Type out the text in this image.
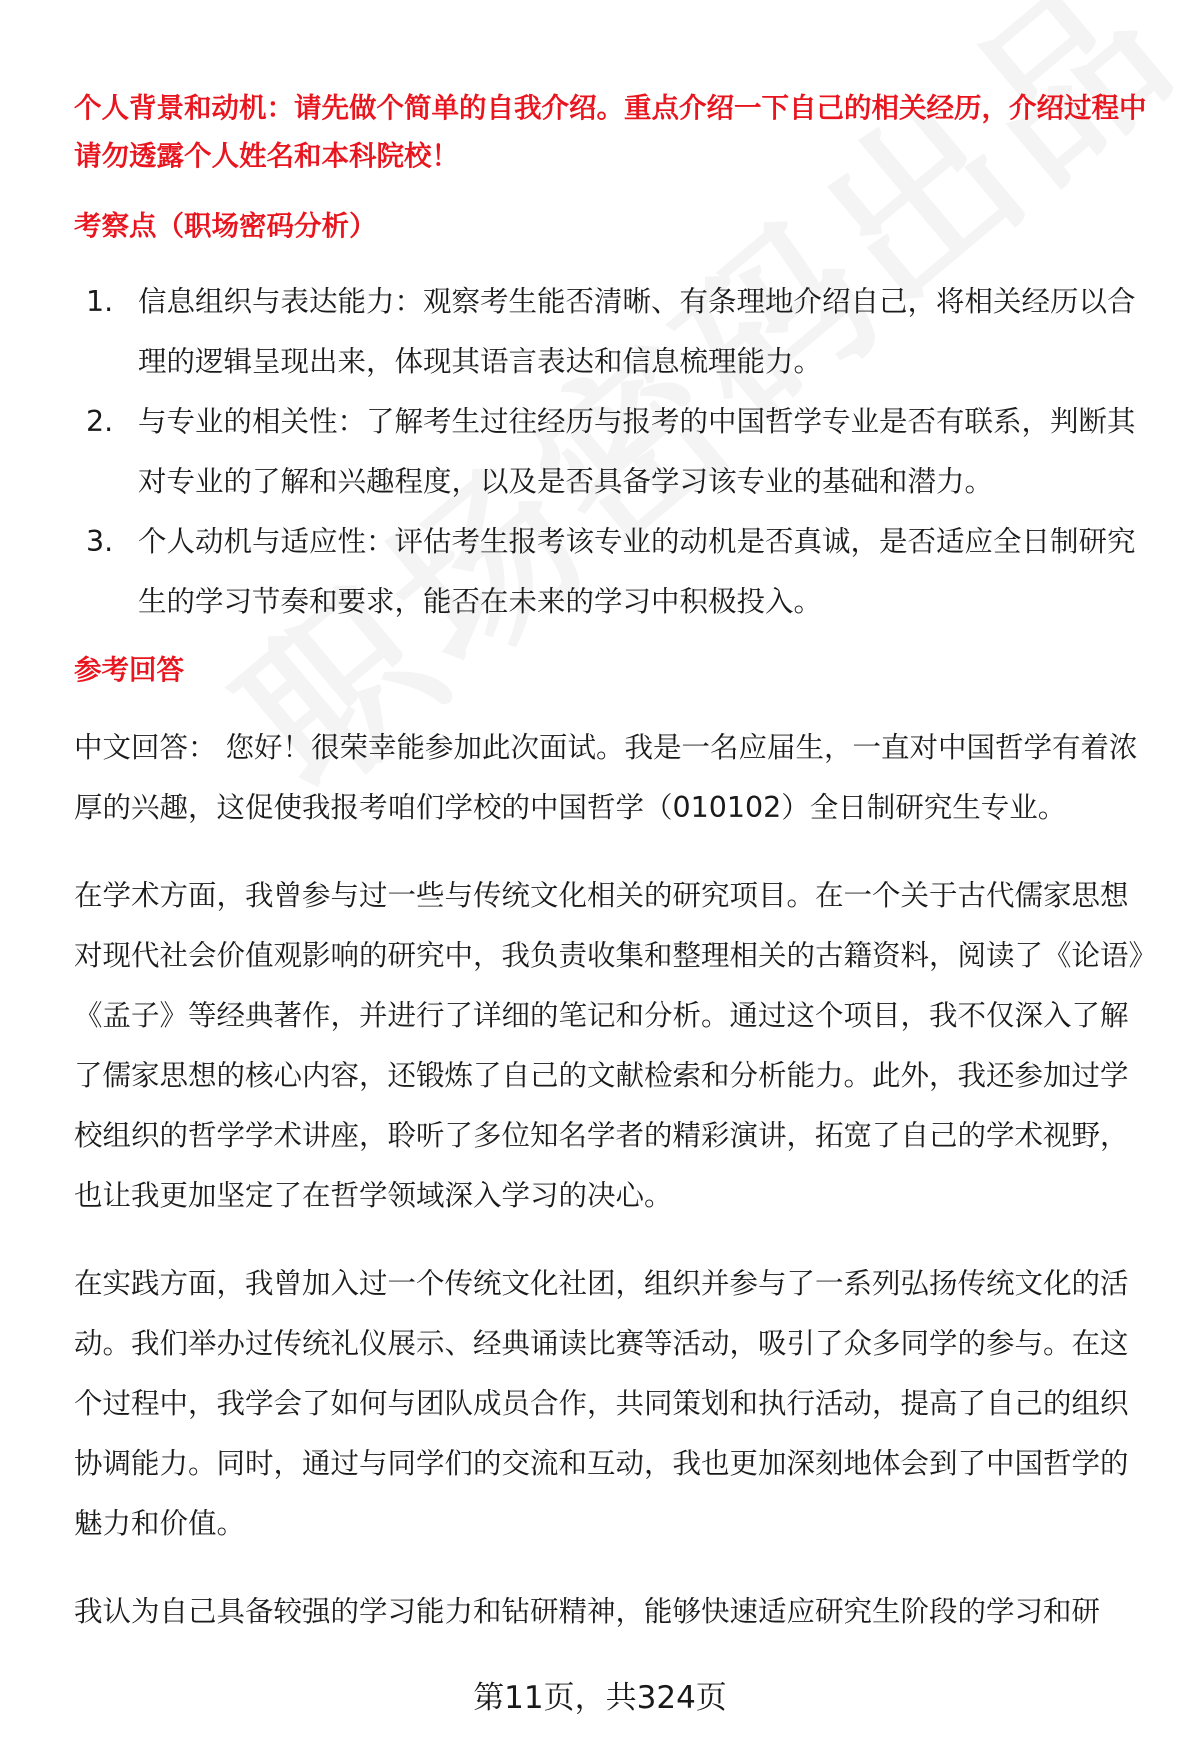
个人背景和动机：请先做个简单的自我介绍。重点介绍一下自己的相关经历，介绍过程中请勿透露个人姓名和本科院校！

考察点（职场密码分析）

1. 信息组织与表达能力：观察考生能否清晰、有条理地介绍自己，将相关经历以合理的逻辑呈现出来，体现其语言表达和信息梳理能力。
2. 与专业的相关性：了解考生过往经历与报考的中国哲学专业是否有联系，判断其对专业的了解和兴趣程度，以及是否具备学习该专业的基础和潜力。
3. 个人动机与适应性：评估考生报考该专业的动机是否真诚，是否适应全日制研究生的学习节奏和要求，能否在未来的学习中积极投入。

参考回答

中文回答： 您好！很荣幸能参加此次面试。我是一名应届生，一直对中国哲学有着浓厚的兴趣，这促使我报考咱们学校的中国哲学（010102）全日制研究生专业。

在学术方面，我曾参与过一些与传统文化相关的研究项目。在一个关于古代儒家思想对现代社会价值观影响的研究中，我负责收集和整理相关的古籍资料，阅读了《论语》《孟子》等经典著作，并进行了详细的笔记和分析。通过这个项目，我不仅深入了解了儒家思想的核心内容，还锻炼了自己的文献检索和分析能力。此外，我还参加过学校组织的哲学学术讲座，聆听了多位知名学者的精彩演讲，拓宽了自己的学术视野，也让我更加坚定了在哲学领域深入学习的决心。

在实践方面，我曾加入过一个传统文化社团，组织并参与了一系列弘扬传统文化的活动。我们举办过传统礼仪展示、经典诵读比赛等活动，吸引了众多同学的参与。在这个过程中，我学会了如何与团队成员合作，共同策划和执行活动，提高了自己的组织协调能力。同时，通过与同学们的交流和互动，我也更加深刻地体会到了中国哲学的魅力和价值。

我认为自己具备较强的学习能力和钻研精神，能够快速适应研究生阶段的学习和研

第11页，共324页
